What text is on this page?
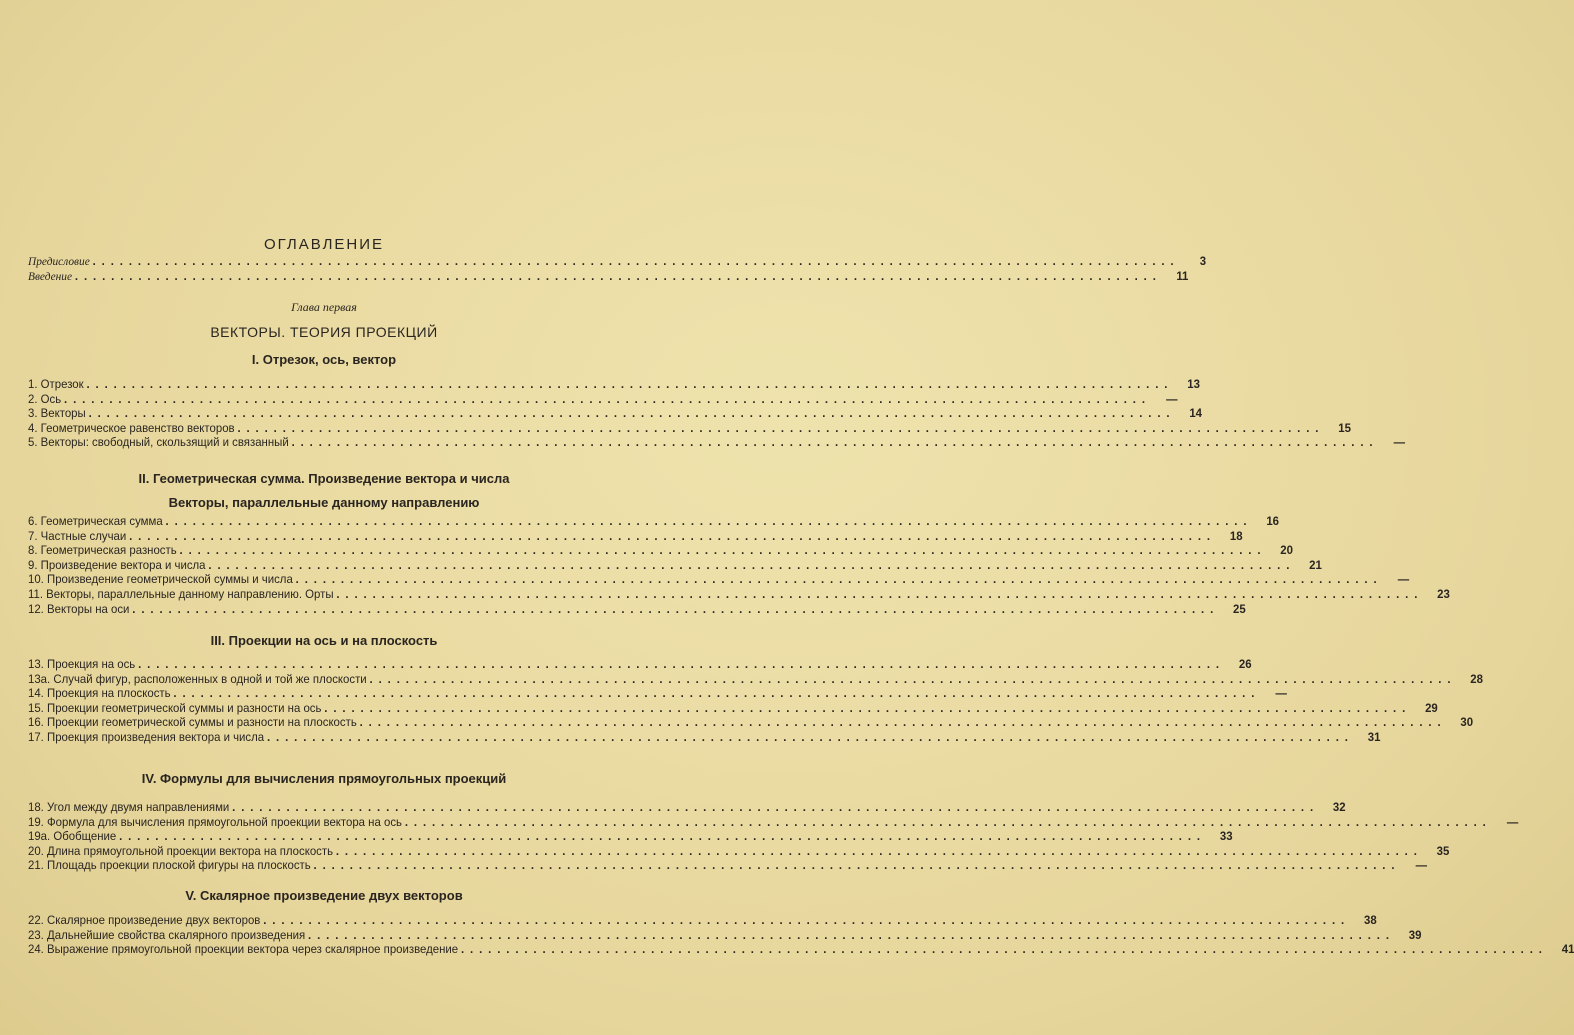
ОГЛАВЛЕНИЕ
Предисловие ........................................................................................................................	3
Введение ........................................................................................................................	11
Глава первая
ВЕКТОРЫ. ТЕОРИЯ ПРОЕКЦИЙ
I. Отрезок, ось, вектор
1. Отрезок ........................................................................................................................	13
2. Ось ........................................................................................................................	—
3. Векторы ........................................................................................................................	14
4. Геометрическое равенство векторов ........................................................................................................................	15
5. Векторы: свободный, скользящий и связанный ........................................................................................................................	—
II. Геометрическая сумма. Произведение вектора и числа
Векторы, параллельные данному направлению
6. Геометрическая сумма ........................................................................................................................	16
7. Частные случаи ........................................................................................................................	18
8. Геометрическая разность ........................................................................................................................	20
9. Произведение вектора и числа ........................................................................................................................	21
10. Произведение геометрической суммы и числа ........................................................................................................................	—
11. Векторы, параллельные данному направлению. Орты ........................................................................................................................	23
12. Векторы на оси ........................................................................................................................	25
III. Проекции на ось и на плоскость
13. Проекция на ось ........................................................................................................................	26
13а. Случай фигур, расположенных в одной и той же плоскости ........................................................................................................................	28
14. Проекция на плоскость ........................................................................................................................	—
15. Проекции геометрической суммы и разности на ось ........................................................................................................................	29
16. Проекции геометрической суммы и разности на плоскость ........................................................................................................................	30
17. Проекция произведения вектора и числа ........................................................................................................................	31
IV. Формулы для вычисления прямоугольных проекций
18. Угол между двумя направлениями ........................................................................................................................	32
19. Формула для вычисления прямоугольной проекции вектора на ось ........................................................................................................................	—
19а. Обобщение ........................................................................................................................	33
20. Длина прямоугольной проекции вектора на плоскость ........................................................................................................................	35
21. Площадь проекции плоской фигуры на плоскость ........................................................................................................................	—
V. Скалярное произведение двух векторов
22. Скалярное произведение двух векторов ........................................................................................................................	38
23. Дальнейшие свойства скалярного произведения ........................................................................................................................	39
24. Выражение прямоугольной проекции вектора через скалярное произведение ........................................................................................................................	41
